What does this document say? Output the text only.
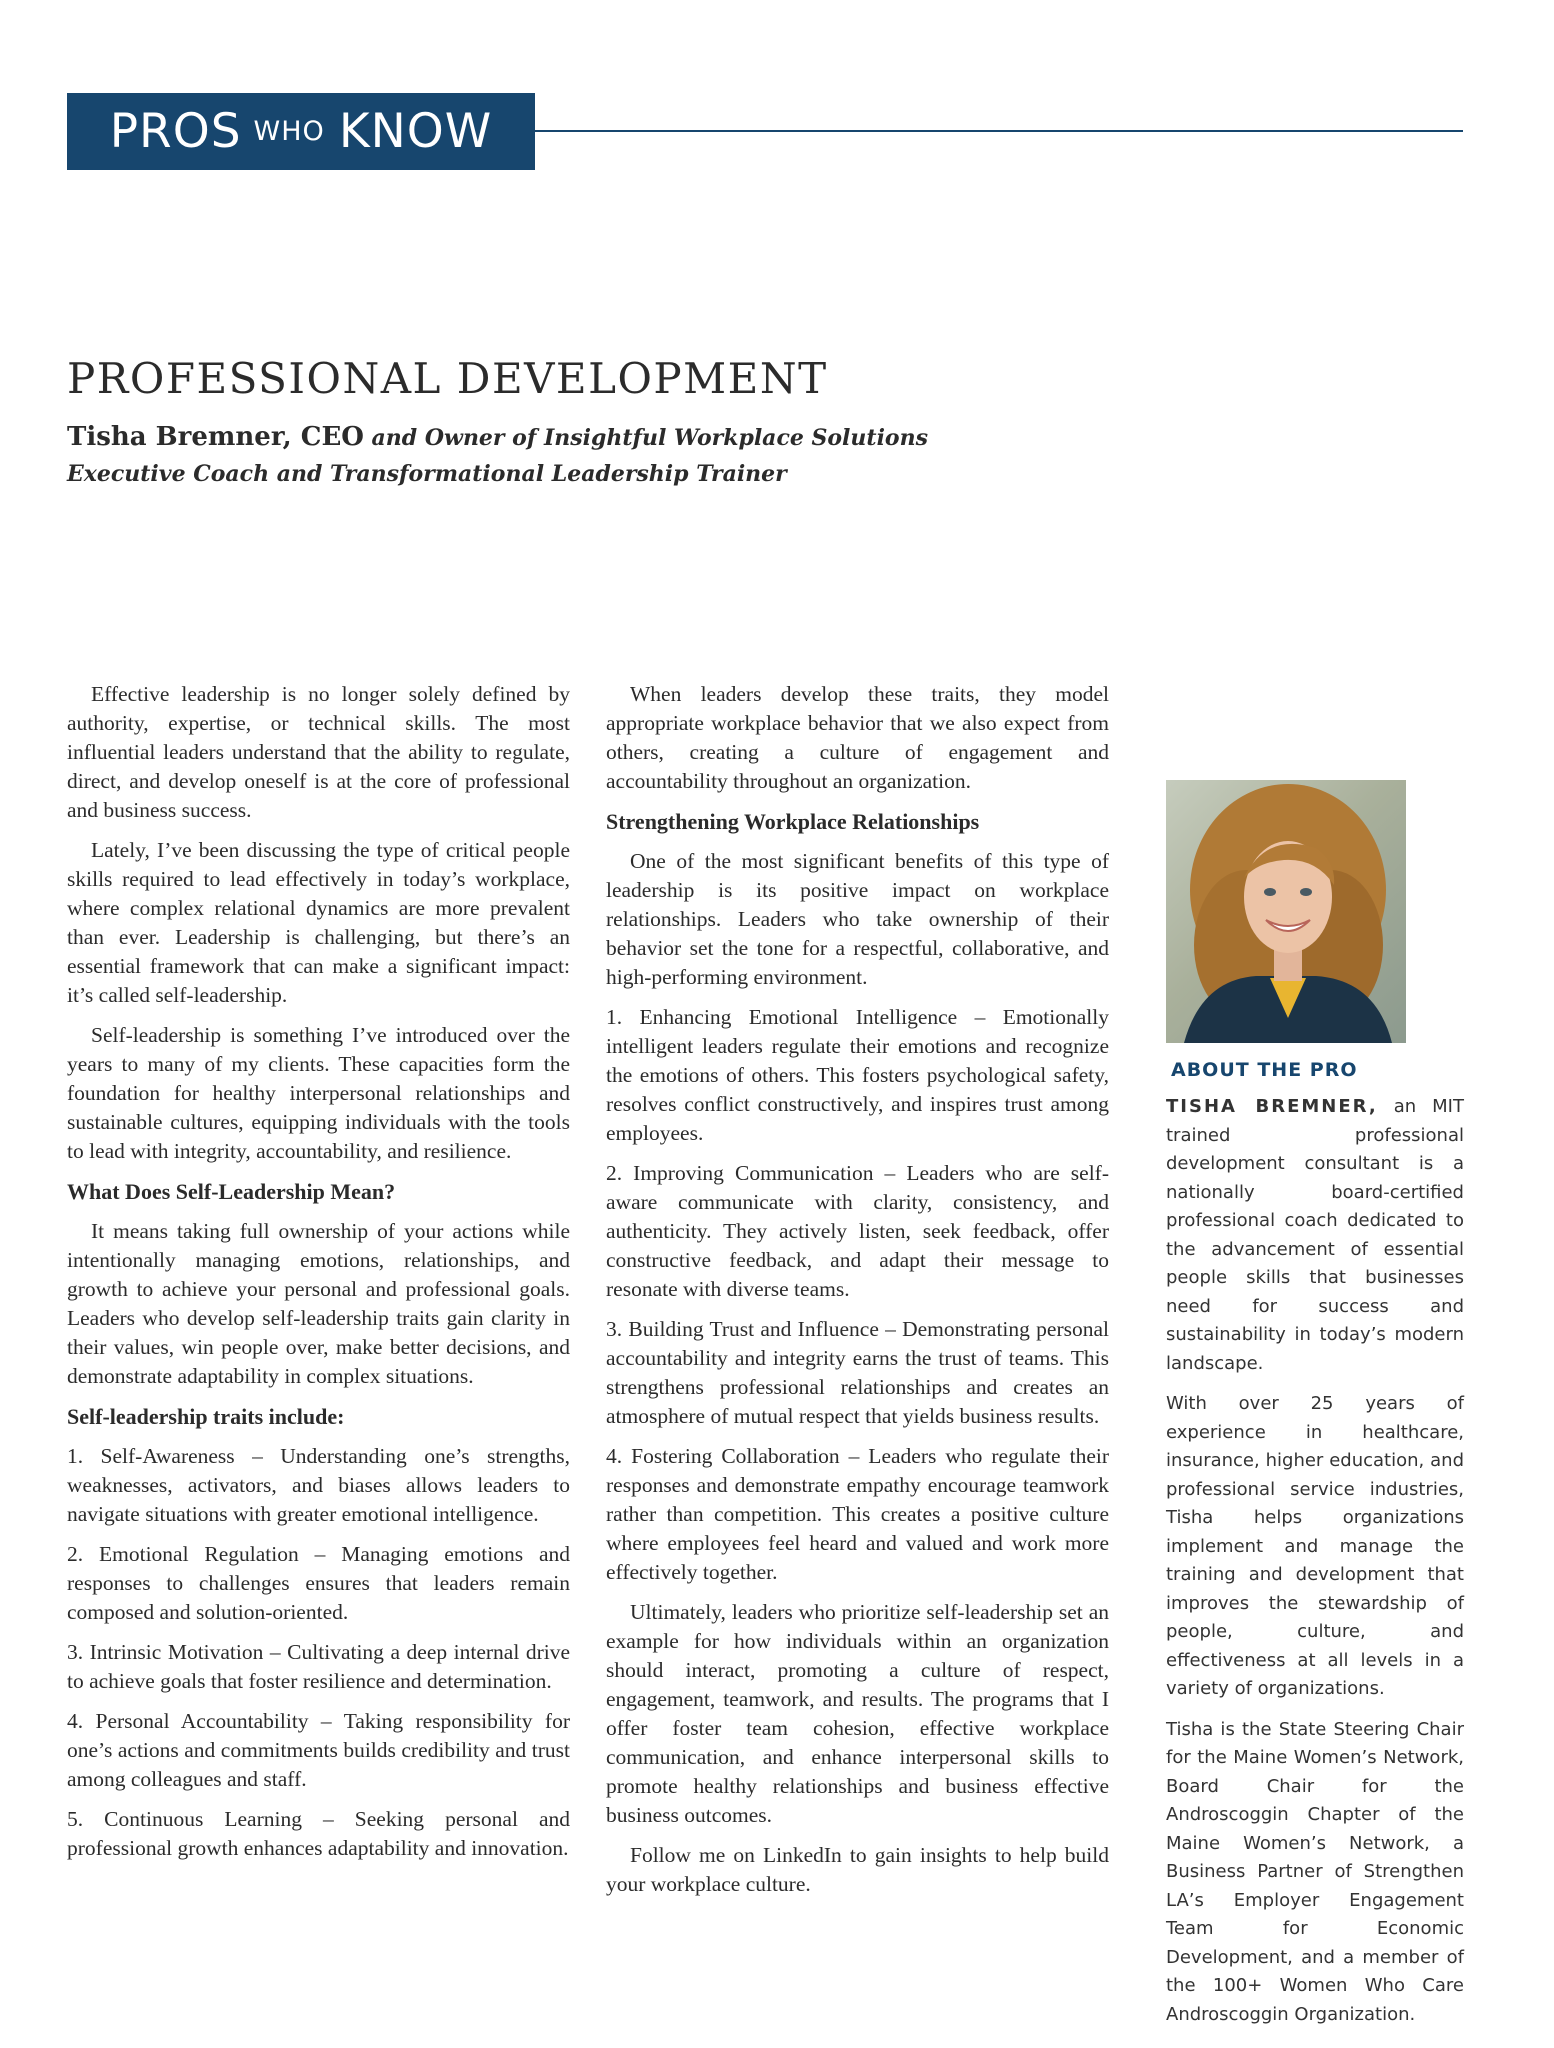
PROS WHO KNOW
PROFESSIONAL DEVELOPMENT
Tisha Bremner, CEO and Owner of Insightful Workplace Solutions
Executive Coach and Transformational Leadership Trainer

Effective leadership is no longer solely defined by authority, expertise, or technical skills. The most influential leaders understand that the ability to regulate, direct, and develop oneself is at the core of professional and business success.

Lately, I’ve been discussing the type of critical people skills required to lead effectively in today’s workplace, where complex relational dynamics are more prevalent than ever. Leadership is challenging, but there’s an essential framework that can make a significant impact: it’s called self-leadership.

Self-leadership is something I’ve introduced over the years to many of my clients. These capacities form the foundation for healthy interpersonal relationships and sustainable cultures, equipping individuals with the tools to lead with integrity, accountability, and resilience.

What Does Self-Leadership Mean?

It means taking full ownership of your actions while intentionally managing emotions, relationships, and growth to achieve your personal and professional goals. Leaders who develop self-leadership traits gain clarity in their values, win people over, make better decisions, and demonstrate adaptability in complex situations.

Self-leadership traits include:

1. Self-Awareness – Understanding one’s strengths, weaknesses, activators, and biases allows leaders to navigate situations with greater emotional intelligence.

2. Emotional Regulation – Managing emotions and responses to challenges ensures that leaders remain composed and solution-oriented.

3. Intrinsic Motivation – Cultivating a deep internal drive to achieve goals that foster resilience and determination.

4. Personal Accountability – Taking responsibility for one’s actions and commitments builds credibility and trust among colleagues and staff.

5. Continuous Learning – Seeking personal and professional growth enhances adaptability and innovation.

When leaders develop these traits, they model appropriate workplace behavior that we also expect from others, creating a culture of engagement and accountability throughout an organization.

Strengthening Workplace Relationships

One of the most significant benefits of this type of leadership is its positive impact on workplace relationships. Leaders who take ownership of their behavior set the tone for a respectful, collaborative, and high-performing environment.

1. Enhancing Emotional Intelligence – Emotionally intelligent leaders regulate their emotions and recognize the emotions of others. This fosters psychological safety, resolves conflict constructively, and inspires trust among employees.

2. Improving Communication – Leaders who are self-aware communicate with clarity, consistency, and authenticity. They actively listen, seek feedback, offer constructive feedback, and adapt their message to resonate with diverse teams.

3. Building Trust and Influence – Demonstrating personal accountability and integrity earns the trust of teams. This strengthens professional relationships and creates an atmosphere of mutual respect that yields business results.

4. Fostering Collaboration – Leaders who regulate their responses and demonstrate empathy encourage teamwork rather than competition. This creates a positive culture where employees feel heard and valued and work more effectively together.

Ultimately, leaders who prioritize self-leadership set an example for how individuals within an organization should interact, promoting a culture of respect, engagement, teamwork, and results. The programs that I offer foster team cohesion, effective workplace communication, and enhance interpersonal skills to promote healthy relationships and business effective business outcomes.

Follow me on LinkedIn to gain insights to help build your workplace culture.

ABOUT THE PRO

TISHA BREMNER, an MIT trained professional development consultant is a nationally board-certified professional coach dedicated to the advancement of essential people skills that businesses need for success and sustainability in today’s modern landscape.

With over 25 years of experience in healthcare, insurance, higher education, and professional service industries, Tisha helps organizations implement and manage the training and development that improves the stewardship of people, culture, and effectiveness at all levels in a variety of organizations.

Tisha is the State Steering Chair for the Maine Women’s Network, Board Chair for the Androscoggin Chapter of the Maine Women’s Network, a Business Partner of Strengthen LA’s Employer Engagement Team for Economic Development, and a member of the 100+ Women Who Care Androscoggin Organization.
